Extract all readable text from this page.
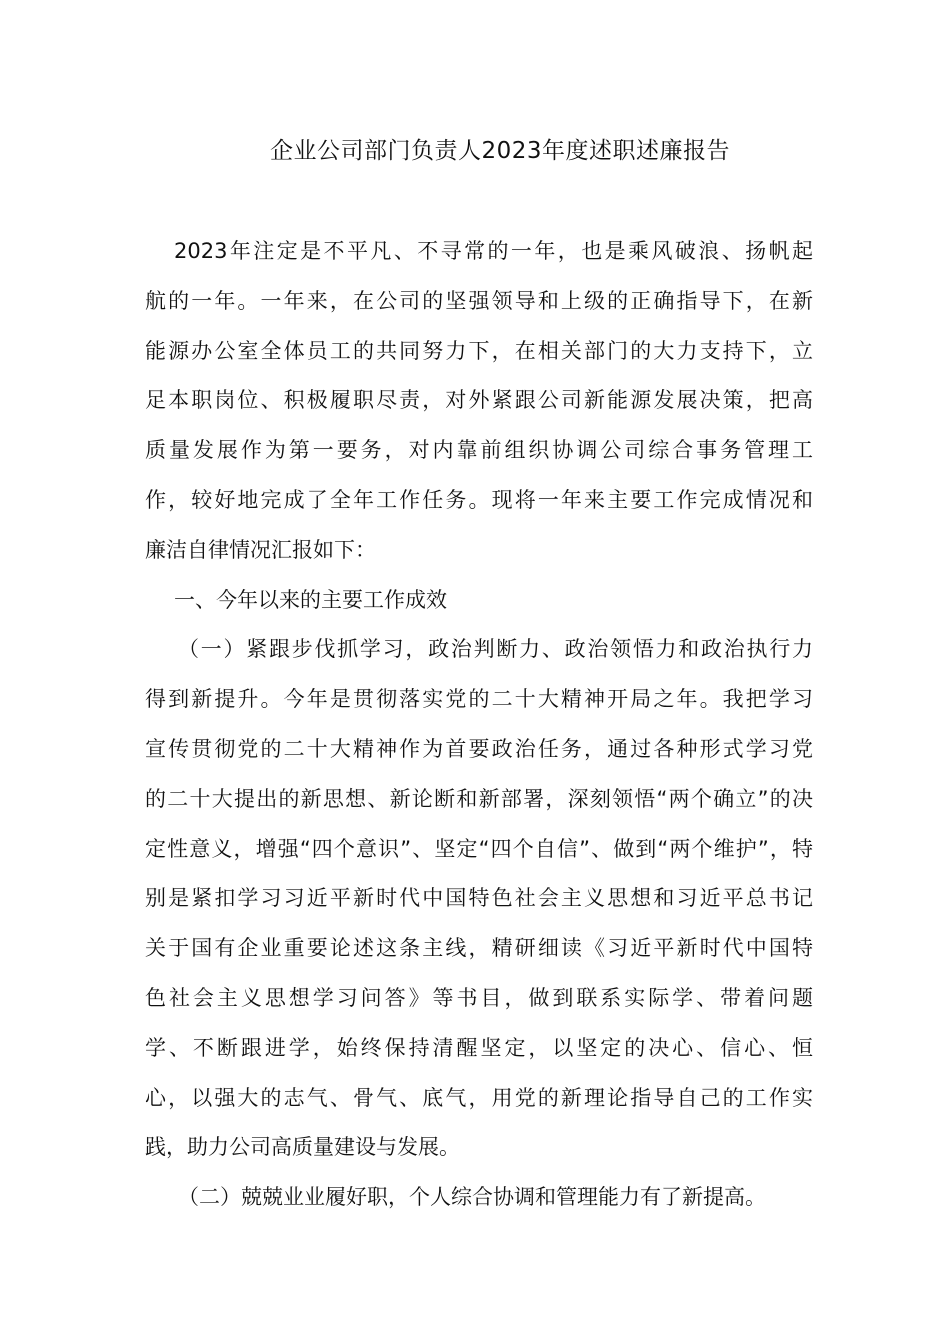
企业公司部门负责人2023年度述职述廉报告
2023年注定是不平凡、不寻常的一年，也是乘风破浪、扬帆起
航的一年。一年来，在公司的坚强领导和上级的正确指导下，在新
能源办公室全体员工的共同努力下，在相关部门的大力支持下，立
足本职岗位、积极履职尽责，对外紧跟公司新能源发展决策，把高
质量发展作为第一要务，对内靠前组织协调公司综合事务管理工
作，较好地完成了全年工作任务。现将一年来主要工作完成情况和
廉洁自律情况汇报如下：
一、今年以来的主要工作成效
（一）紧跟步伐抓学习，政治判断力、政治领悟力和政治执行力
得到新提升。今年是贯彻落实党的二十大精神开局之年。我把学习
宣传贯彻党的二十大精神作为首要政治任务，通过各种形式学习党
的二十大提出的新思想、新论断和新部署，深刻领悟“两个确立”的决
定性意义，增强“四个意识”、坚定“四个自信”、做到“两个维护”，特
别是紧扣学习习近平新时代中国特色社会主义思想和习近平总书记
关于国有企业重要论述这条主线，精研细读《习近平新时代中国特
色社会主义思想学习问答》等书目，做到联系实际学、带着问题
学、不断跟进学，始终保持清醒坚定，以坚定的决心、信心、恒
心，以强大的志气、骨气、底气，用党的新理论指导自己的工作实
践，助力公司高质量建设与发展。
（二）兢兢业业履好职，个人综合协调和管理能力有了新提高。
